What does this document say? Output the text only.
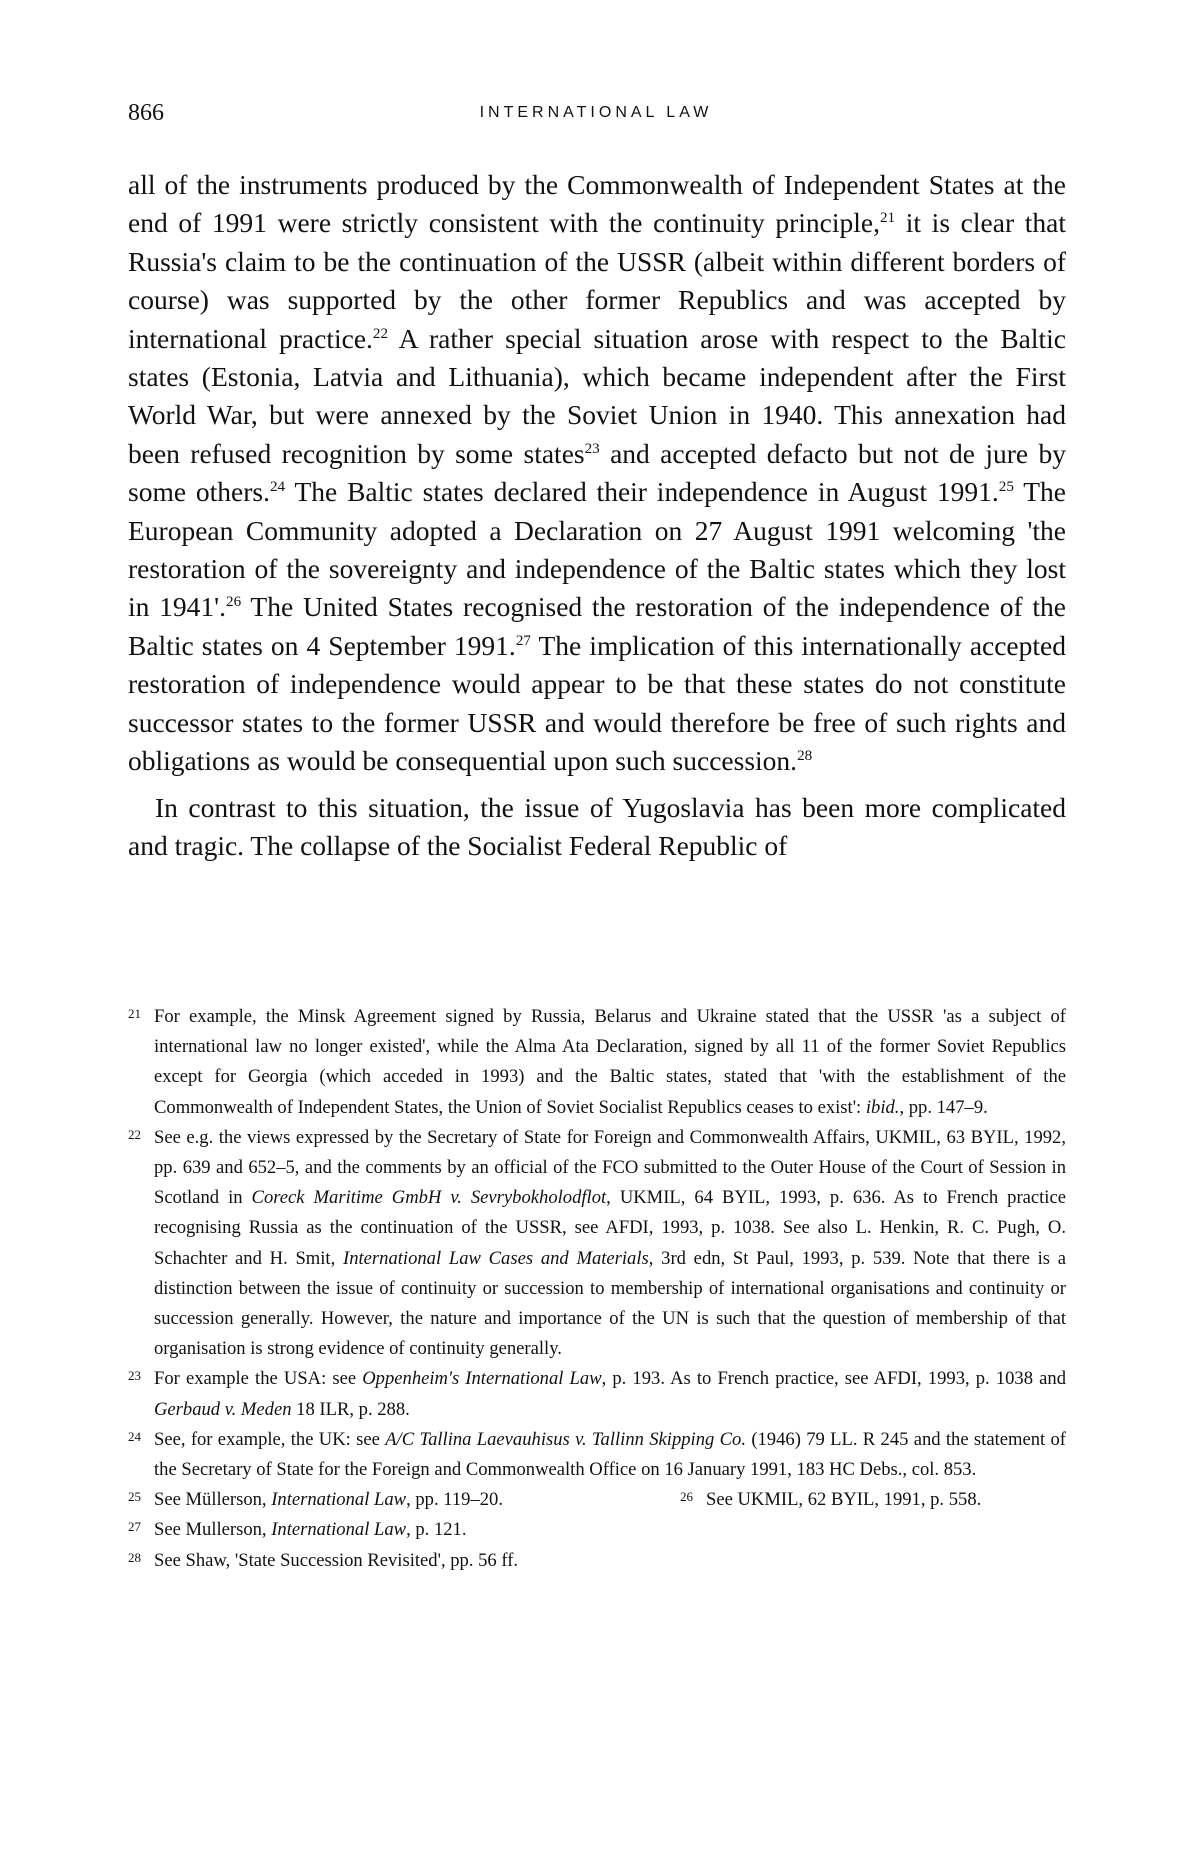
866	INTERNATIONAL LAW

all of the instruments produced by the Commonwealth of Independent States at the end of 1991 were strictly consistent with the continuity principle,$^{21}$ it is clear that Russia's claim to be the continuation of the USSR (albeit within different borders of course) was supported by the other former Republics and was accepted by international practice.$^{22}$ A rather special situation arose with respect to the Baltic states (Estonia, Latvia and Lithuania), which became independent after the First World War, but were annexed by the Soviet Union in 1940. This annexation had been refused recognition by some states$^{23}$ and accepted defacto but not de jure by some others.$^{24}$ The Baltic states declared their independence in August 1991.25 The European Community adopted a Declaration on 27 August 1991 welcoming 'the restoration of the sovereignty and independence of the Baltic states which they lost in 1941'.$^{26}$ The United States recognised the restoration of the independence of the Baltic states on 4 September 1991.27 The implication of this internationally accepted restoration of independence would appear to be that these states do not constitute successor states to the former USSR and would therefore be free of such rights and obligations as would be consequential upon such succession.$^{28}$

In contrast to this situation, the issue of Yugoslavia has been more complicated and tragic. The collapse of the Socialist Federal Republic of

21 For example, the Minsk Agreement signed by Russia, Belarus and Ukraine stated that the USSR 'as a subject of international law no longer existed', while the Alma Ata Declaration, signed by all 11 of the former Soviet Republics except for Georgia (which acceded in 1993) and the Baltic states, stated that 'with the establishment of the Commonwealth of Independent States, the Union of Soviet Socialist Republics ceases to exist': ibid., pp. 147–9.

22 See e.g. the views expressed by the Secretary of State for Foreign and Commonwealth Affairs, UKMIL, 63 BYIL, 1992, pp. 639 and 652–5, and the comments by an official of the FCO submitted to the Outer House of the Court of Session in Scotland in Coreck Maritime GmbH v. Sevrybokholodflot, UKMIL, 64 BYIL, 1993, p. 636. As to French practice recognising Russia as the continuation of the USSR, see AFDI, 1993, p. 1038. See also L. Henkin, R. C. Pugh, O. Schachter and H. Smit, International Law Cases and Materials, 3rd edn, St Paul, 1993, p. 539. Note that there is a distinction between the issue of continuity or succession to membership of international organisations and continuity or succession generally. However, the nature and importance of the UN is such that the question of membership of that organisation is strong evidence of continuity generally.

23 For example the USA: see Oppenheim's International Law, p. 193. As to French practice, see AFDI, 1993, p. 1038 and Gerbaud v. Meden 18 ILR, p. 288.

24 See, for example, the UK: see A/C Tallina Laevauhisus v. Tallinn Skipping Co. (1946) 79 LL. R 245 and the statement of the Secretary of State for the Foreign and Commonwealth Office on 16 January 1991, 183 HC Debs., col. 853.

25 See Müllerson, International Law, pp. 119–20.	26 See UKMIL, 62 BYIL, 1991, p. 558.

27 See Mullerson, International Law, p. 121.

28 See Shaw, 'State Succession Revisited', pp. 56 ff.
